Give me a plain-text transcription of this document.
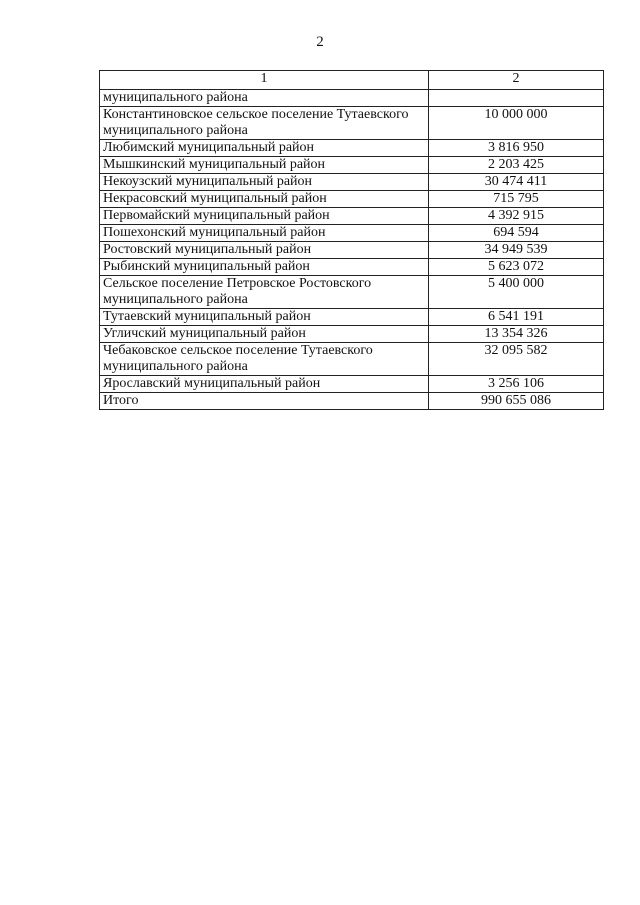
2
1	2
муниципального района	
Константиновское сельское поселение Тутаевского муниципального района	10 000 000
Любимский муниципальный район	3 816 950
Мышкинский муниципальный район	2 203 425
Некоузский муниципальный район	30 474 411
Некрасовский муниципальный район	715 795
Первомайский муниципальный район	4 392 915
Пошехонский муниципальный район	694 594
Ростовский муниципальный район	34 949 539
Рыбинский муниципальный район	5 623 072
Сельское поселение Петровское Ростовского муниципального района	5 400 000
Тутаевский муниципальный район	6 541 191
Угличский муниципальный район	13 354 326
Чебаковское сельское поселение Тутаевского муниципального района	32 095 582
Ярославский муниципальный район	3 256 106
Итого	990 655 086
